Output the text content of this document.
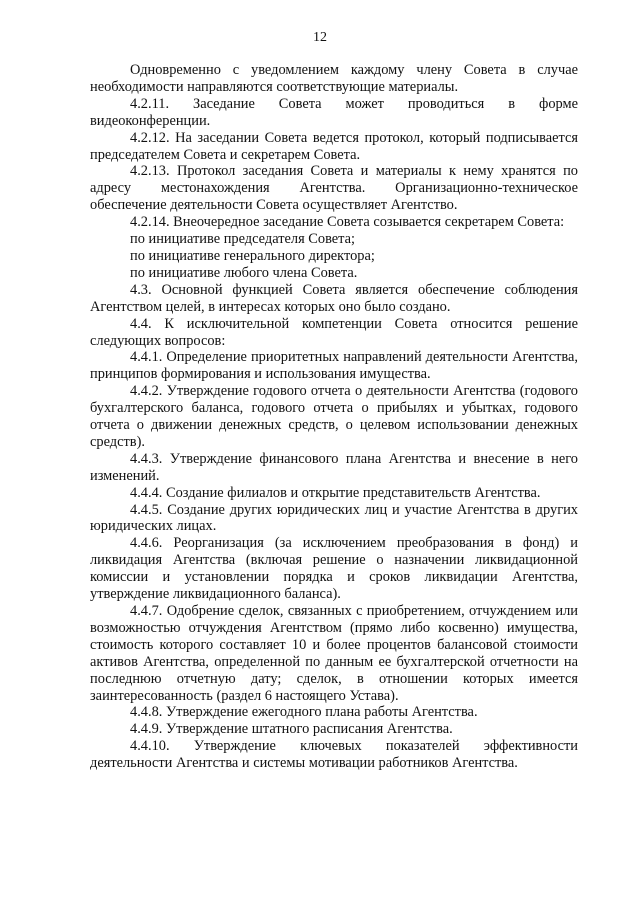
12

Одновременно с уведомлением каждому члену Совета в случае необходимости направляются соответствующие материалы.

4.2.11. Заседание Совета может проводиться в форме видеоконференции.

4.2.12. На заседании Совета ведется протокол, который подписывается председателем Совета и секретарем Совета.

4.2.13. Протокол заседания Совета и материалы к нему хранятся по адресу местонахождения Агентства. Организационно-техническое обеспечение деятельности Совета осуществляет Агентство.

4.2.14. Внеочередное заседание Совета созывается секретарем Совета:

по инициативе председателя Совета;

по инициативе генерального директора;

по инициативе любого члена Совета.

4.3. Основной функцией Совета является обеспечение соблюдения Агентством целей, в интересах которых оно было создано.

4.4. К исключительной компетенции Совета относится решение следующих вопросов:

4.4.1. Определение приоритетных направлений деятельности Агентства, принципов формирования и использования имущества.

4.4.2. Утверждение годового отчета о деятельности Агентства (годового бухгалтерского баланса, годового отчета о прибылях и убытках, годового отчета о движении денежных средств, о целевом использовании денежных средств).

4.4.3. Утверждение финансового плана Агентства и внесение в него изменений.

4.4.4. Создание филиалов и открытие представительств Агентства.

4.4.5. Создание других юридических лиц и участие Агентства в других юридических лицах.

4.4.6. Реорганизация (за исключением преобразования в фонд) и ликвидация Агентства (включая решение о назначении ликвидационной комиссии и установлении порядка и сроков ликвидации Агентства, утверждение ликвидационного баланса).

4.4.7. Одобрение сделок, связанных с приобретением, отчуждением или возможностью отчуждения Агентством (прямо либо косвенно) имущества, стоимость которого составляет 10 и более процентов балансовой стоимости активов Агентства, определенной по данным ее бухгалтерской отчетности на последнюю отчетную дату; сделок, в отношении которых имеется заинтересованность (раздел 6 настоящего Устава).

4.4.8. Утверждение ежегодного плана работы Агентства.

4.4.9. Утверждение штатного расписания Агентства.

4.4.10. Утверждение ключевых показателей эффективности деятельности Агентства и системы мотивации работников Агентства.
